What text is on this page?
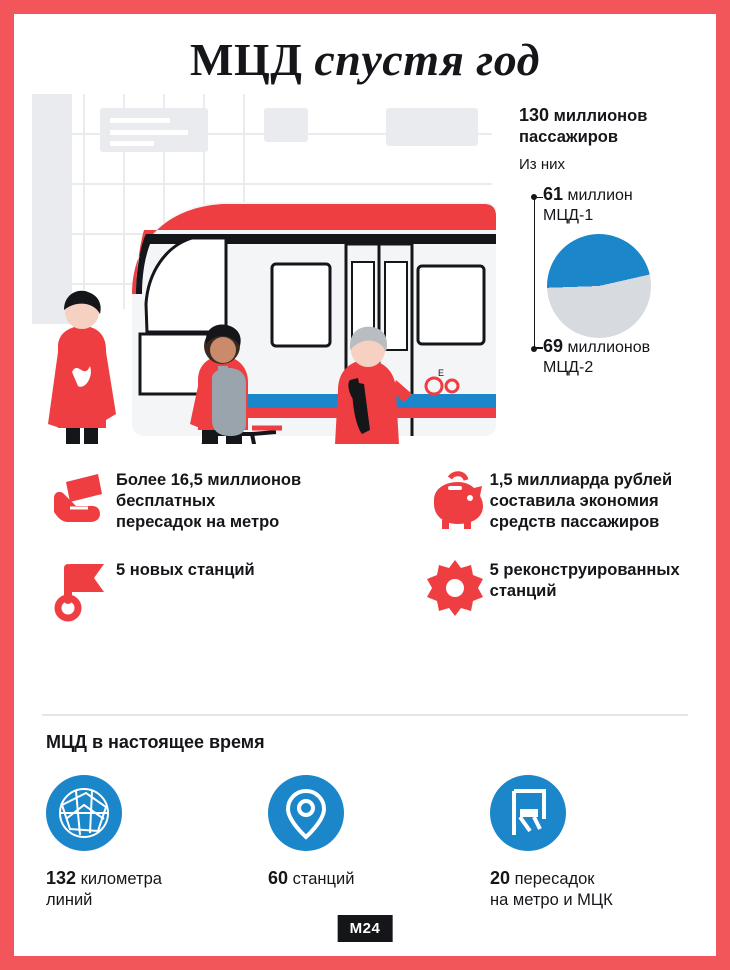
МЦД спустя год
E
130 миллионов пассажиров
Из них
61 миллион
МЦД-1
69 миллионов
МЦД-2
Более 16,5 миллионов
бесплатных
пересадок на метро
1,5 миллиарда рублей
составила экономия
средств пассажиров
5 новых станций	5 реконструированных
станций
МЦД в настоящее время
132 километра
линий
60 станций	20 пересадок
на метро и МЦК
M24
